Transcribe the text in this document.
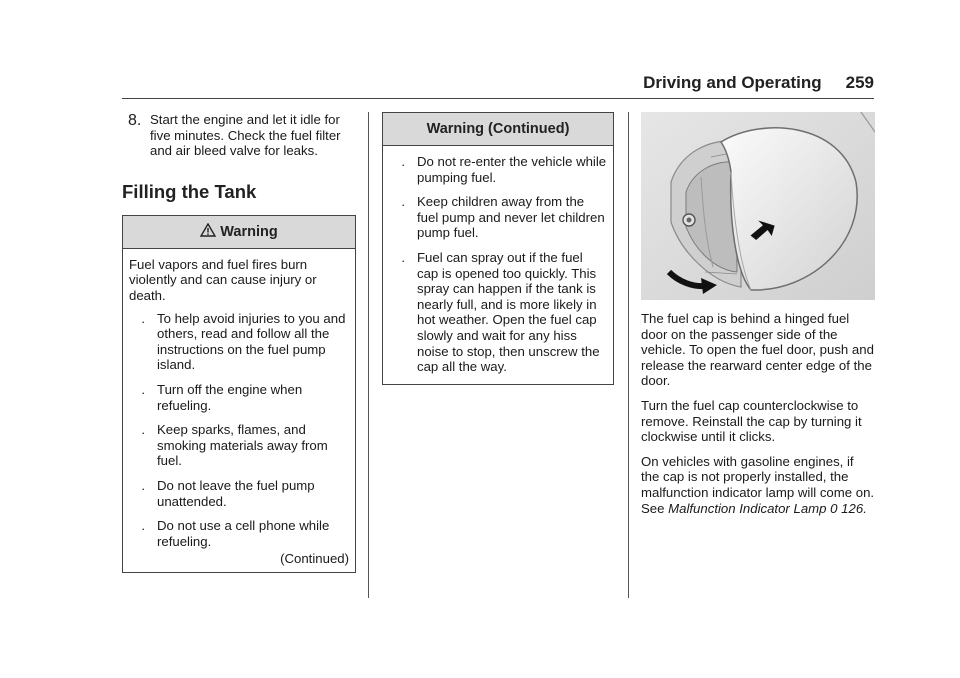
Driving and Operating 259
8. Start the engine and let it idle for five minutes. Check the fuel filter and air bleed valve for leaks.

Filling the Tank
Warning

Fuel vapors and fuel fires burn violently and can cause injury or death.

. To help avoid injuries to you and others, read and follow all the instructions on the fuel pump island.
. Turn off the engine when refueling.
. Keep sparks, flames, and smoking materials away from fuel.
. Do not leave the fuel pump unattended.
. Do not use a cell phone while refueling.
(Continued)
Warning (Continued)
. Do not re-enter the vehicle while pumping fuel.
. Keep children away from the fuel pump and never let children pump fuel.
. Fuel can spray out if the fuel cap is opened too quickly. This spray can happen if the tank is nearly full, and is more likely in hot weather. Open the fuel cap slowly and wait for any hiss noise to stop, then unscrew the cap all the way.

The fuel cap is behind a hinged fuel door on the passenger side of the vehicle. To open the fuel door, push and release the rearward center edge of the door.

Turn the fuel cap counterclockwise to remove. Reinstall the cap by turning it clockwise until it clicks.

On vehicles with gasoline engines, if the cap is not properly installed, the malfunction indicator lamp will come on. See Malfunction Indicator Lamp 0 126.
